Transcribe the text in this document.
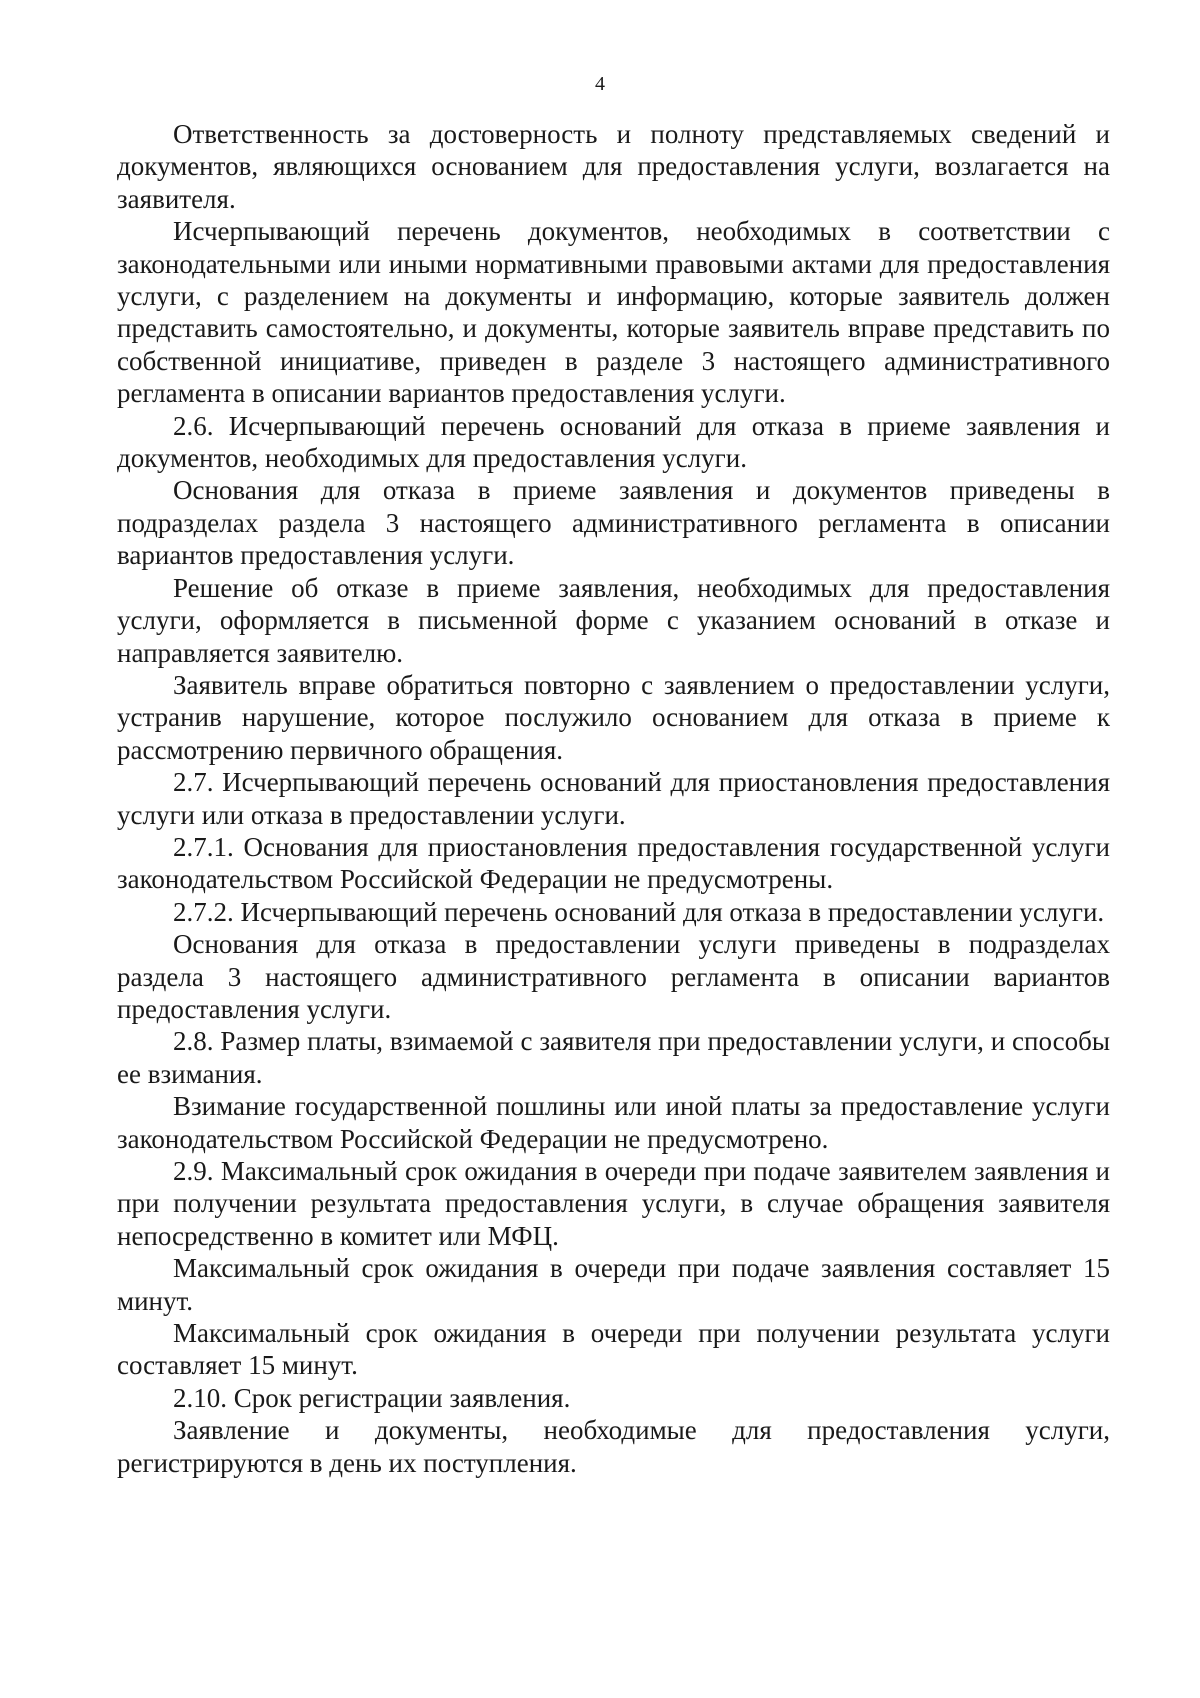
4

Ответственность за достоверность и полноту представляемых сведений и документов, являющихся основанием для предоставления услуги, возлагается на заявителя.

Исчерпывающий перечень документов, необходимых в соответствии с законодательными или иными нормативными правовыми актами для предоставления услуги, с разделением на документы и информацию, которые заявитель должен представить самостоятельно, и документы, которые заявитель вправе представить по собственной инициативе, приведен в разделе 3 настоящего административного регламента в описании вариантов предоставления услуги.

2.6. Исчерпывающий перечень оснований для отказа в приеме заявления и документов, необходимых для предоставления услуги.

Основания для отказа в приеме заявления и документов приведены в подразделах раздела 3 настоящего административного регламента в описании вариантов предоставления услуги.

Решение об отказе в приеме заявления, необходимых для предоставления услуги, оформляется в письменной форме с указанием оснований в отказе и направляется заявителю.

Заявитель вправе обратиться повторно с заявлением о предоставлении услуги, устранив нарушение, которое послужило основанием для отказа в приеме к рассмотрению первичного обращения.

2.7. Исчерпывающий перечень оснований для приостановления предоставления услуги или отказа в предоставлении услуги.

2.7.1. Основания для приостановления предоставления государственной услуги законодательством Российской Федерации не предусмотрены.

2.7.2. Исчерпывающий перечень оснований для отказа в предоставлении услуги.

Основания для отказа в предоставлении услуги приведены в подразделах раздела 3 настоящего административного регламента в описании вариантов предоставления услуги.

2.8. Размер платы, взимаемой с заявителя при предоставлении услуги, и способы ее взимания.

Взимание государственной пошлины или иной платы за предоставление услуги законодательством Российской Федерации не предусмотрено.

2.9. Максимальный срок ожидания в очереди при подаче заявителем заявления и при получении результата предоставления услуги, в случае обращения заявителя непосредственно в комитет или МФЦ.

Максимальный срок ожидания в очереди при подаче заявления составляет 15 минут.

Максимальный срок ожидания в очереди при получении результата услуги составляет 15 минут.

2.10. Срок регистрации заявления.

Заявление и документы, необходимые для предоставления услуги, регистрируются в день их поступления.
